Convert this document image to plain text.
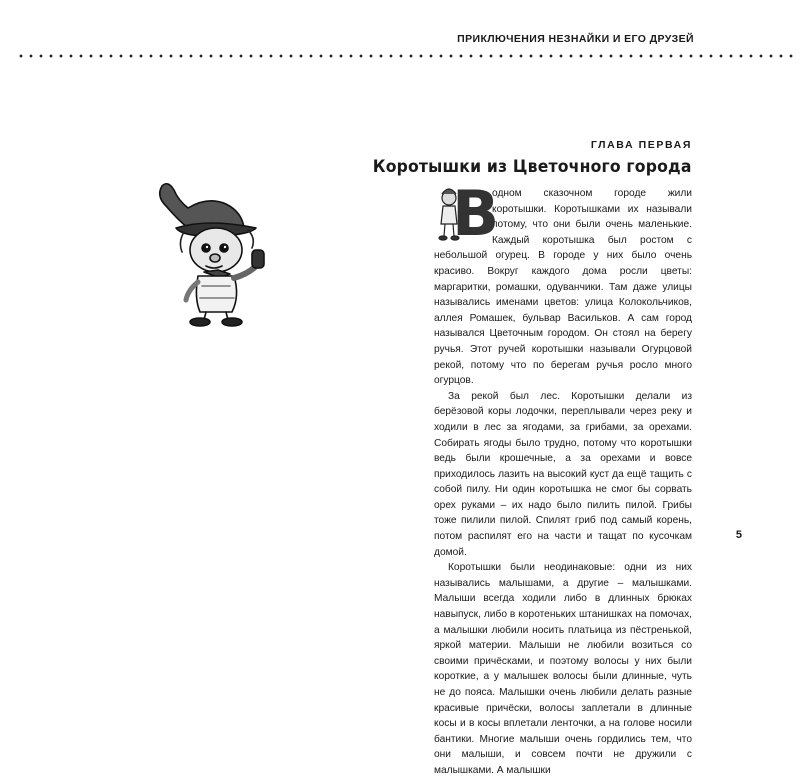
ПРИКЛЮЧЕНИЯ НЕЗНАЙКИ И ЕГО ДРУЗЕЙ
ГЛАВА ПЕРВАЯ
Коротышки из Цветочного города
В

одном сказочном городе жили коротышки. Коротышками их называли потому, что они были очень маленькие. Каждый коротышка был ростом с небольшой огурец. В городе у них было очень красиво. Вокруг каждого дома росли цветы: маргаритки, ромашки, одуванчики. Там даже улицы назывались именами цветов: улица Колокольчиков, аллея Ромашек, бульвар Васильков. А сам город назывался Цветочным городом. Он стоял на берегу ручья. Этот ручей коротышки называли Огурцовой рекой, потому что по берегам ручья росло много огурцов.

За рекой был лес. Коротышки делали из берёзовой коры лодочки, переплывали через реку и ходили в лес за ягодами, за грибами, за орехами. Собирать ягоды было трудно, потому что коротышки ведь были крошечные, а за орехами и вовсе приходилось лазить на высокий куст да ещё тащить с собой пилу. Ни один коротышка не смог бы сорвать орех руками – их надо было пилить пилой. Грибы тоже пилили пилой. Спилят гриб под самый корень, потом распилят его на части и тащат по кусочкам домой.

Коротышки были неодинаковые: одни из них назывались малышами, а другие – малышками. Малыши всегда ходили либо в длинных брюках навыпуск, либо в коротеньких штанишках на помочах, а малышки любили носить платьица из пёстренькой, яркой материи. Малыши не любили возиться со своими причёсками, и поэтому волосы у них были короткие, а у малышек волосы были длинные, чуть не до пояса. Малышки очень любили делать разные красивые причёски, волосы заплетали в длинные косы и в косы вплетали ленточки, а на голове носили бантики. Многие малыши очень гордились тем, что они малыши, и совсем почти не дружили с малышками. А малышки

5
